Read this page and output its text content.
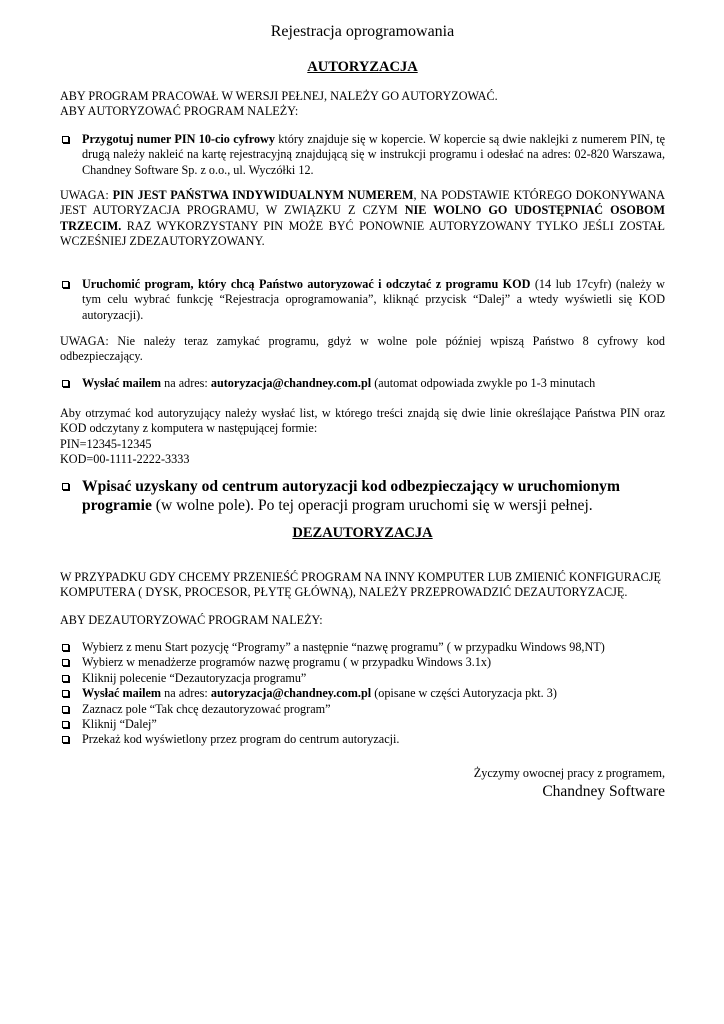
Rejestracja oprogramowania
AUTORYZACJA
ABY PROGRAM PRACOWAŁ W WERSJI PEŁNEJ, NALEŻY GO AUTORYZOWAĆ.
ABY AUTORYZOWAĆ PROGRAM NALEŻY:
Przygotuj numer PIN 10-cio cyfrowy który znajduje się w kopercie. W kopercie są dwie naklejki z numerem PIN, tę drugą należy nakleić na kartę rejestracyjną znajdującą się w instrukcji programu i odesłać na adres: 02-820 Warszawa, Chandney Software Sp. z o.o., ul. Wyczółki 12.
UWAGA: PIN JEST PAŃSTWA INDYWIDUALNYM NUMEREM, NA PODSTAWIE KTÓREGO DOKONYWANA JEST AUTORYZACJA PROGRAMU, W ZWIĄZKU Z CZYM NIE WOLNO GO UDOSTĘPNIAĆ OSOBOM TRZECIM. RAZ WYKORZYSTANY PIN MOŻE BYĆ PONOWNIE AUTORYZOWANY TYLKO JEŚLI ZOSTAŁ WCZEŚNIEJ ZDEZAUTORYZOWANY.
Uruchomić program, który chcą Państwo autoryzować i odczytać z programu KOD (14 lub 17cyfr) (należy w tym celu wybrać funkcję “Rejestracja oprogramowania”, kliknąć przycisk “Dalej” a wtedy wyświetli się KOD autoryzacji).
UWAGA: Nie należy teraz zamykać programu, gdyż w wolne pole później wpiszą Państwo 8 cyfrowy kod odbezpieczający.
Wysłać mailem na adres: autoryzacja@chandney.com.pl (automat odpowiada zwykle po 1-3 minutach
Aby otrzymać kod autoryzujący należy wysłać list, w którego treści znajdą się dwie linie określające Państwa PIN oraz KOD odczytany z komputera w następującej formie:
PIN=12345-12345
KOD=00-1111-2222-3333
Wpisać uzyskany od centrum autoryzacji kod odbezpieczający w uruchomionym programie (w wolne pole). Po tej operacji program uruchomi się w wersji pełnej.
DEZAUTORYZACJA
W PRZYPADKU GDY CHCEMY PRZENIEŚĆ PROGRAM NA INNY KOMPUTER LUB ZMIENIĆ KONFIGURACJĘ KOMPUTERA ( DYSK, PROCESOR, PŁYTĘ GŁÓWNĄ), NALEŻY PRZEPROWADZIĆ DEZAUTORYZACJĘ.
ABY DEZAUTORYZOWAĆ PROGRAM NALEŻY:
Wybierz z menu Start pozycję “Programy” a następnie “nazwę programu” ( w przypadku Windows 98,NT)
Wybierz w menadżerze programów nazwę programu ( w przypadku Windows 3.1x)
Kliknij polecenie “Dezautoryzacja programu”
Wysłać mailem na adres: autoryzacja@chandney.com.pl (opisane w części Autoryzacja pkt. 3)
Zaznacz pole “Tak chcę dezautoryzować program”
Kliknij “Dalej”
Przekaż kod wyświetlony przez program do centrum autoryzacji.
Życzymy owocnej pracy z programem,
Chandney Software
